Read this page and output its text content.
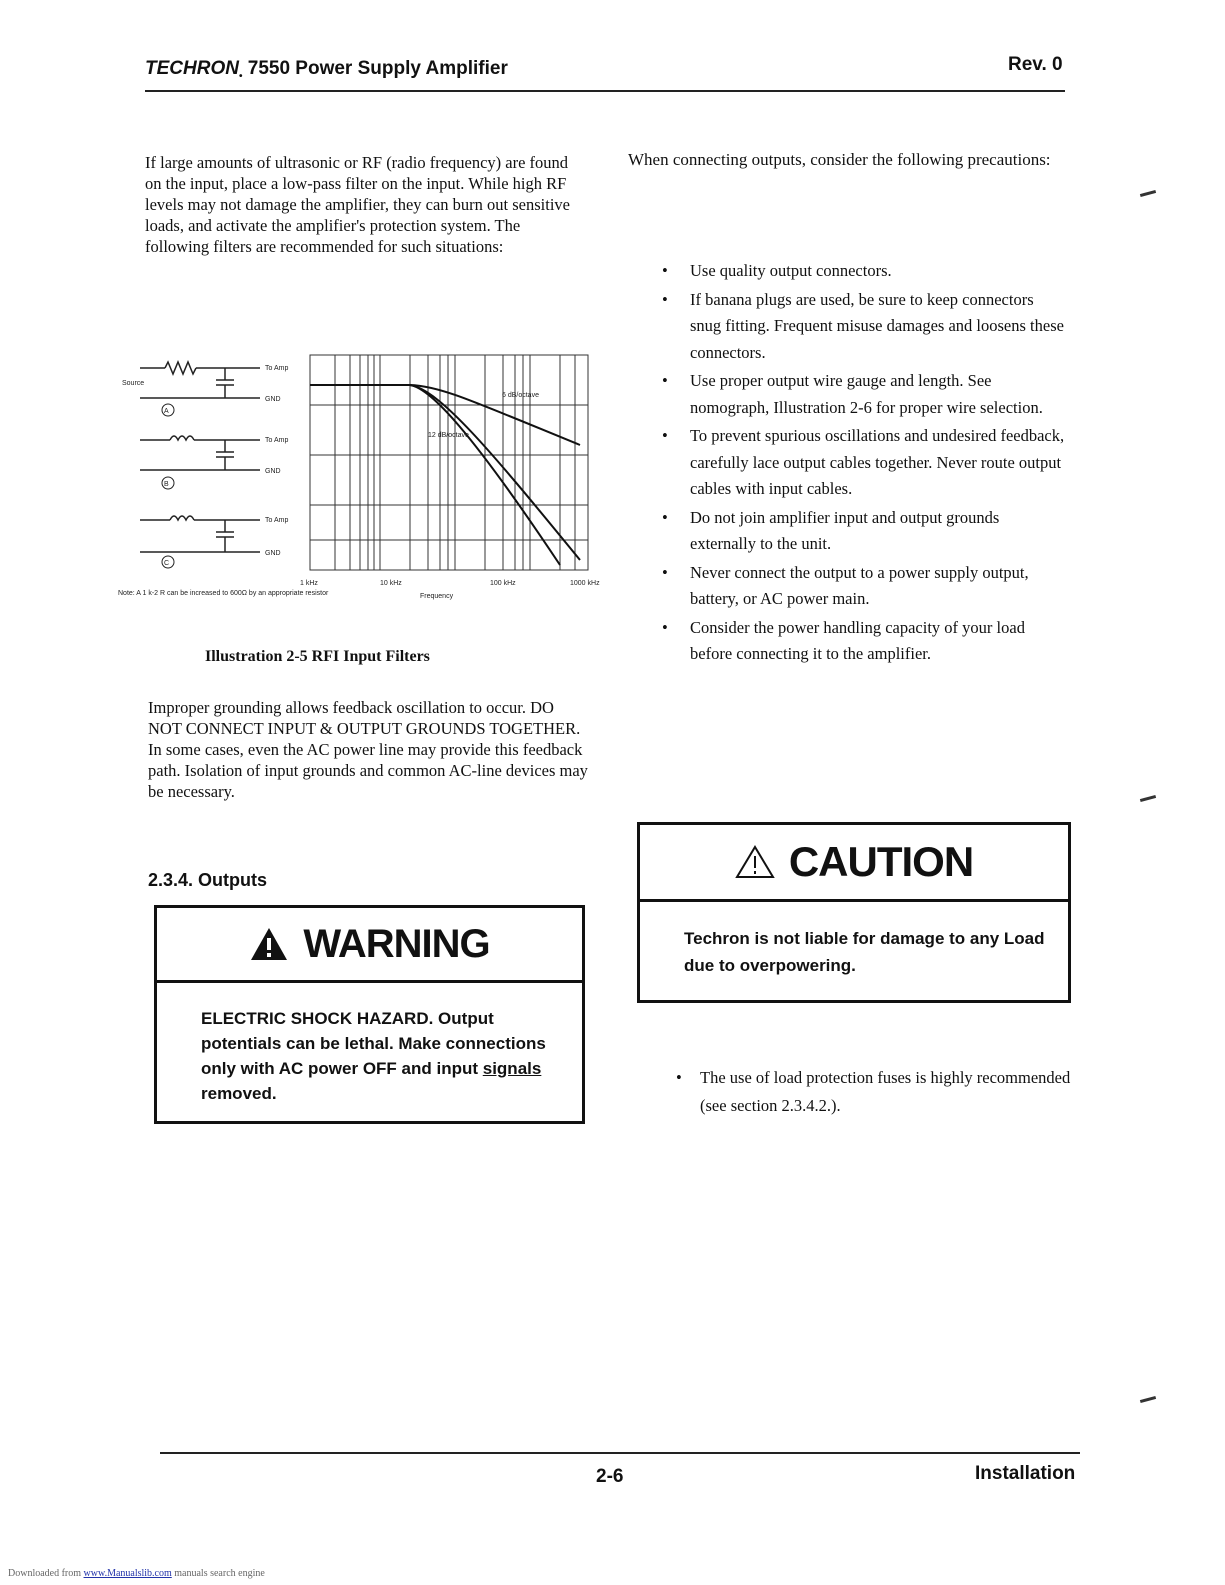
$TECHRON_•$ 7550 Power Supply Amplifier	Rev. 0
If large amounts of ultrasonic or RF (radio frequency) are found on the input, place a low-pass filter on the input. While high RF levels may not damage the amplifier, they can burn out sensitive loads, and activate the amplifier's protection system. The following filters are recommended for such situations:
A
To Amp
GND
Source
B
To Amp
GND
C
To Amp
GND
6 dB/octave
12 dB/octave
1 kHz	10 kHz	100 kHz	1000 kHz
Frequency
Note: A 1 k-2 R can be increased to 600Ω by an appropriate resistor
Illustration 2-5 RFI Input Filters
Improper grounding allows feedback oscillation to occur. DO NOT CONNECT INPUT & OUTPUT GROUNDS TOGETHER. In some cases, even the AC power line may provide this feedback path. Isolation of input grounds and common AC-line devices may be necessary.
2.3.4. Outputs
WARNING
ELECTRIC SHOCK HAZARD. Output potentials can be lethal. Make connections only with AC power OFF and input signals removed.
When connecting outputs, consider the following precautions:
• Use quality output connectors.
• If banana plugs are used, be sure to keep connectors snug fitting. Frequent misuse damages and loosens these connectors.
• Use proper output wire gauge and length. See nomograph, Illustration 2-6 for proper wire selection.
• To prevent spurious oscillations and undesired feedback, carefully lace output cables together. Never route output cables with input cables.
• Do not join amplifier input and output grounds externally to the unit.
• Never connect the output to a power supply output, battery, or AC power main.
• Consider the power handling capacity of your load before connecting it to the amplifier.
CAUTION
Techron is not liable for damage to any Load due to overpowering.
• The use of load protection fuses is highly recommended (see section 2.3.4.2.).
2-6	Installation
Downloaded from www.Manualslib.com manuals search engine
